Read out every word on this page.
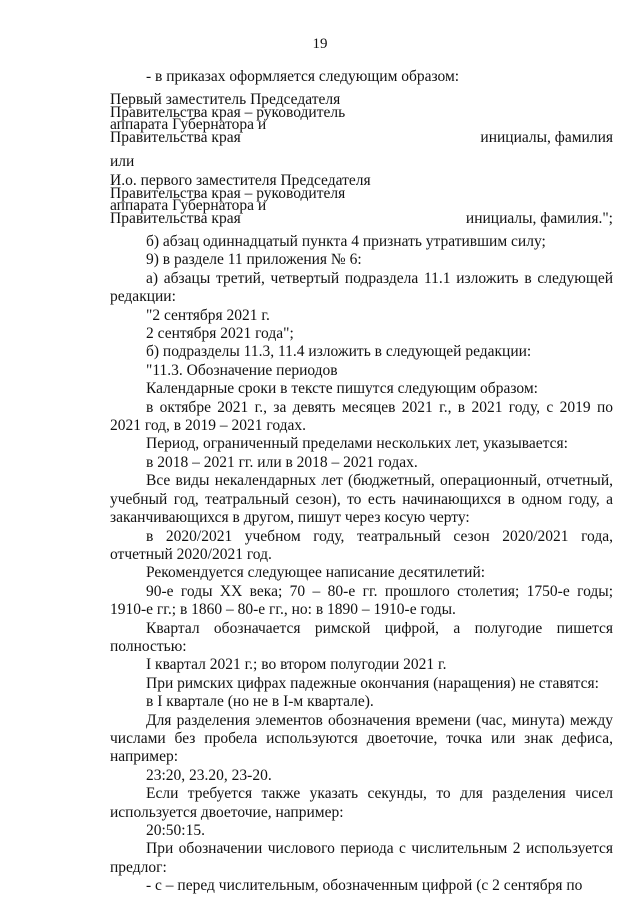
19
- в приказах оформляется следующим образом:
Первый заместитель Председателя
Правительства края – руководитель
аппарата Губернатора и
Правительства края	инициалы, фамилия
или
И.о. первого заместителя Председателя
Правительства края – руководителя
аппарата Губернатора и
Правительства края	инициалы, фамилия.";
б) абзац одиннадцатый пункта 4 признать утратившим силу;
9) в разделе 11 приложения № 6:
а) абзацы третий, четвертый подраздела 11.1 изложить в следующей редакции:
"2 сентября 2021 г.
2 сентября 2021 года";
б) подразделы 11.3, 11.4 изложить в следующей редакции:
"11.3. Обозначение периодов
Календарные сроки в тексте пишутся следующим образом:
в октябре 2021 г., за девять месяцев 2021 г., в 2021 году, с 2019 по 2021 год, в 2019 – 2021 годах.
Период, ограниченный пределами нескольких лет, указывается:
в 2018 – 2021 гг. или в 2018 – 2021 годах.
Все виды некалендарных лет (бюджетный, операционный, отчетный, учебный год, театральный сезон), то есть начинающихся в одном году, а заканчивающихся в другом, пишут через косую черту:
в 2020/2021 учебном году, театральный сезон 2020/2021 года, отчетный 2020/2021 год.
Рекомендуется следующее написание десятилетий:
90-е годы XX века; 70 – 80-е гг. прошлого столетия; 1750-е годы; 1910-е гг.; в 1860 – 80-е гг., но: в 1890 – 1910-е годы.
Квартал обозначается римской цифрой, а полугодие пишется полностью:
I квартал 2021 г.; во втором полугодии 2021 г.
При римских цифрах падежные окончания (наращения) не ставятся:
в I квартале (но не в I-м квартале).
Для разделения элементов обозначения времени (час, минута) между числами без пробела используются двоеточие, точка или знак дефиса, например:
23:20, 23.20, 23-20.
Если требуется также указать секунды, то для разделения чисел используется двоеточие, например:
20:50:15.
При обозначении числового периода с числительным 2 используется предлог:
- с – перед числительным, обозначенным цифрой (с 2 сентября по
